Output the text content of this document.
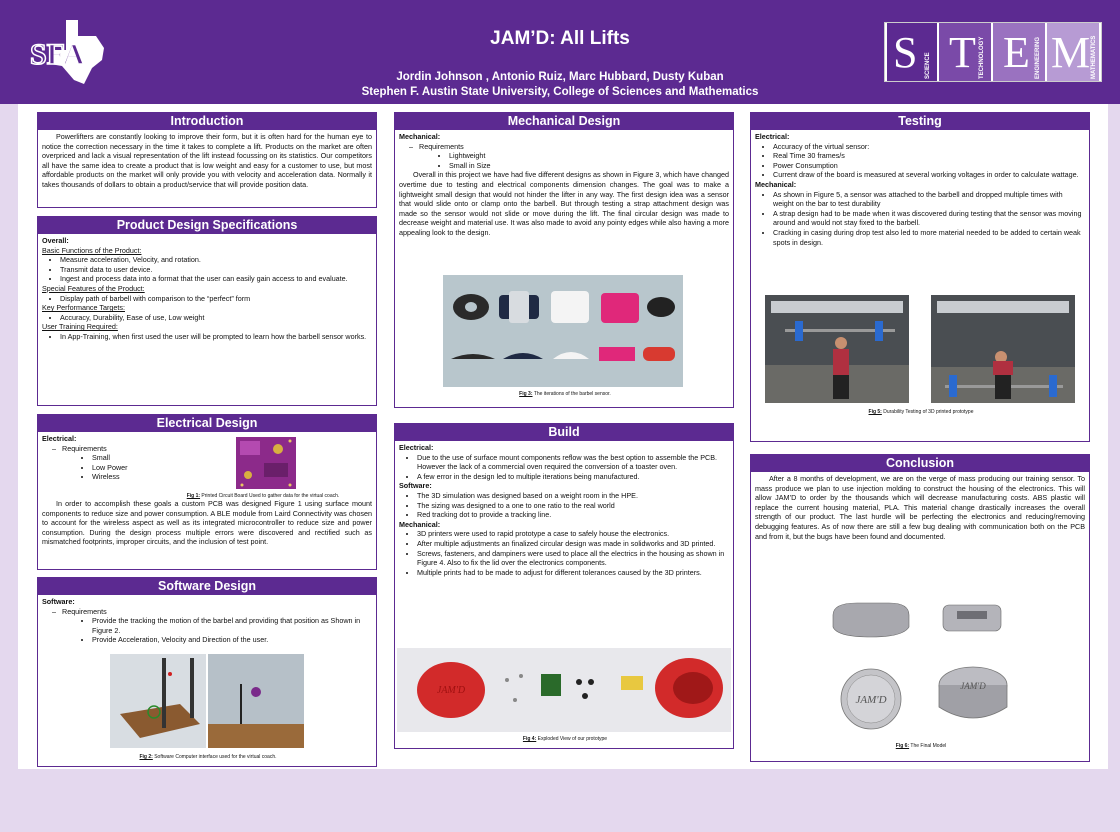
SFA	JAM’D: All Lifts
Jordin Johnson , Antonio Ruiz, Marc Hubbard, Dusty Kuban
Stephen F. Austin State University, College of Sciences and Mathematics
S SCIENCE T TECHNOLOGY E ENGINEERING M MATHEMATICS
Introduction

Powerlifters are constantly looking to improve their form, but it is often hard for the human eye to notice the correction necessary in the time it takes to complete a lift. Products on the market are often overpriced and lack a visual representation of the lift instead focussing on its statistics. Our competitors all have the same idea to create a product that is low weight and easy for a customer to use, but most affordable products on the market will only provide you with velocity and acceleration data. Normally it takes thousands of dollars to obtain a product/service that will provide position data.

Product Design Specifications
Overall:
Basic Functions of the Product:
• Measure acceleration, Velocity, and rotation.
• Transmit data to user device.
• Ingest and process data into a format that the user can easily gain access to and evaluate.
Special Features of the Product:
• Display path of barbell with comparison to the “perfect” form
Key Performance Targets:
• Accuracy, Durability, Ease of use, Low weight
User Training Required:
• In App-Training, when first used the user will be prompted to learn how the barbell sensor works.
Electrical Design
Electrical:
– Requirements
• Small
• Low Power
• Wireless
Fig 1: Printed Circuit Board Used to gather data for the virtual coach.

In order to accomplish these goals a custom PCB was designed Figure 1 using surface mount components to reduce size and power consumption. A BLE module from Laird Connectivity was chosen to account for the wireless aspect as well as its integrated microcontroller to reduce size and power consumption. During the design process multiple errors were discovered and rectified such as mismatched footprints, improper circuits, and the inclusion of test point.

Software Design
Software:
– Requirements
• Provide the tracking the motion of the barbel and providing that position as Shown in Figure 2.
• Provide Acceleration, Velocity and Direction of the user.
Fig 2: Software Computer interface used for the virtual coach.
Mechanical Design
Mechanical:
– Requirements
• Lightweight
• Small in Size

Overall in this project we have had five different designs as shown in Figure 3, which have changed overtime due to testing and electrical components dimension changes. The goal was to make a lightweight small design that would not hinder the lifter in any way. The first design idea was a sensor that would slide onto or clamp onto the barbell. But through testing a strap attachment design was made so the sensor would not slide or move during the lift. The final circular design was made to decrease weight and material use. It was also made to avoid any pointy edges while also having a more appealing look to the design.

Fig 3: The iterations of the barbel sensor.
Build
Electrical:
• Due to the use of surface mount components reflow was the best option to assemble the PCB. However the lack of a commercial oven required the conversion of a toaster oven.
• A few error in the design led to multiple iterations being manufactured.
Software:
• The 3D simulation was designed based on a weight room in the HPE.
• The sizing was designed to a one to one ratio to the real world
• Red tracking dot to provide a tracking line.
Mechanical:
• 3D printers were used to rapid prototype a case to safely house the electronics.
• After multiple adjustments an finalized circular design was made in solidworks and 3D printed.
• Screws, fasteners, and dampiners were used to place all the electrics in the housing as shown in Figure 4. Also to fix the lid over the electronics components.
• Multiple prints had to be made to adjust for different tolerances caused by the 3D printers.
JAM'D
Fig 4: Exploded View of our prototype
Testing
Electrical:
• Accuracy of the virtual sensor:
• Real Time 30 frames/s
• Power Consumption
• Current draw of the board is measured at several working voltages in order to calculate wattage.
Mechanical:
• As shown in Figure 5, a sensor was attached to the barbell and dropped multiple times with weight on the bar to test durability
• A strap design had to be made when it was discovered during testing that the sensor was moving around and would not stay fixed to the barbell.
• Cracking in casing during drop test also led to more material needed to be added to certain weak spots in design.
Fig 5: Durability Testing of 3D printed prototype
Conclusion

After a 8 months of development, we are on the verge of mass producing our training sensor. To mass produce we plan to use injection molding to construct the housing of the electronics. This will allow JAM’D to order by the thousands which will decrease manufacturing costs. ABS plastic will replace the current housing material, PLA. This material change drastically increases the overall strength of our product. The last hurdle will be perfecting the electronics and reducing/removing debugging features. As of now there are still a few bug dealing with communication both on the PCB and from it, but the bugs have been found and documented.

JAM'D
JAM'D
Fig 6: The Final Model
